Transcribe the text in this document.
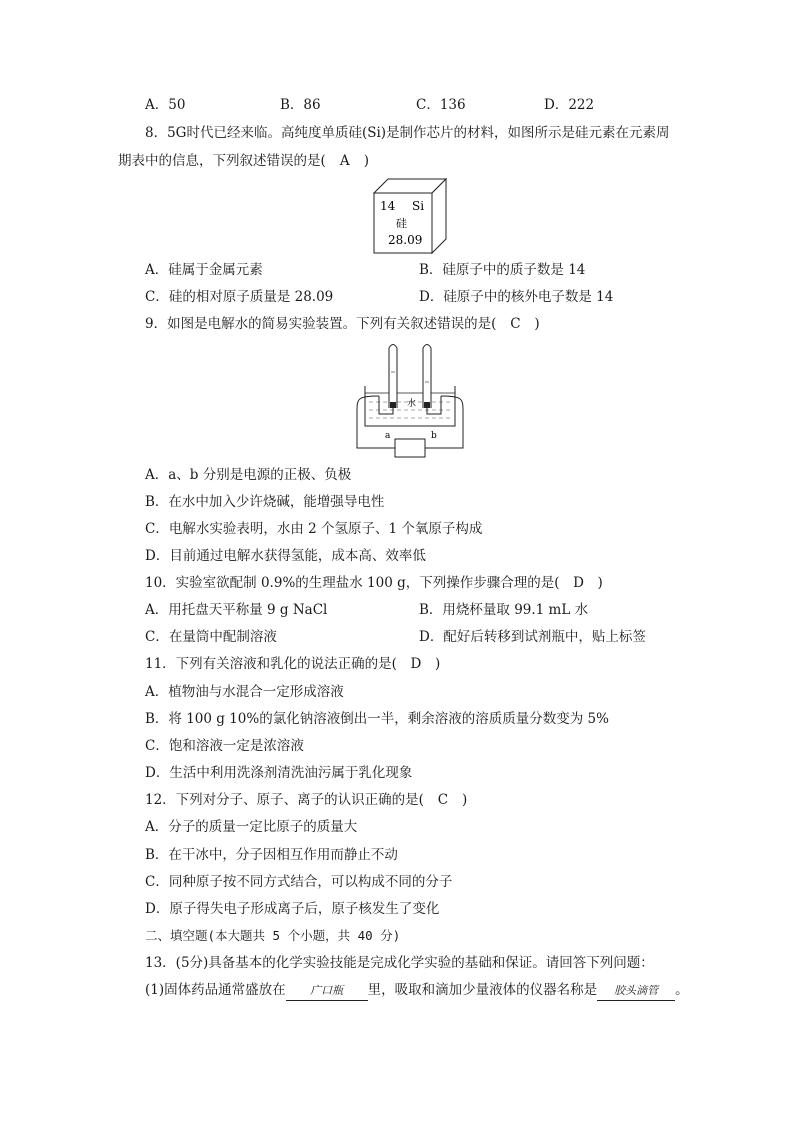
A．50	B．86	C．136	D．222
8．5G时代已经来临。高纯度单质硅(Si)是制作芯片的材料，如图所示是硅元素在元素周
期表中的信息，下列叙述错误的是( A )
14 Si
硅
28.09
A．硅属于金属元素	B．硅原子中的质子数是 14
C．硅的相对原子质量是 28.09	D．硅原子中的核外电子数是 14
9．如图是电解水的简易实验装置。下列有关叙述错误的是( C )
a	b
水
A．a、b 分别是电源的正极、负极
B．在水中加入少许烧碱，能增强导电性
C．电解水实验表明，水由 2 个氢原子、1 个氧原子构成
D．目前通过电解水获得氢能，成本高、效率低
10．实验室欲配制 0.9%的生理盐水 100 g，下列操作步骤合理的是( D )
A．用托盘天平称量 9 g NaCl	B．用烧杯量取 99.1 mL 水
C．在量筒中配制溶液	D．配好后转移到试剂瓶中，贴上标签
11．下列有关溶液和乳化的说法正确的是( D )
A．植物油与水混合一定形成溶液
B．将 100 g 10%的氯化钠溶液倒出一半，剩余溶液的溶质质量分数变为 5%
C．饱和溶液一定是浓溶液
D．生活中利用洗涤剂清洗油污属于乳化现象
12．下列对分子、原子、离子的认识正确的是( C )
A．分子的质量一定比原子的质量大
B．在干冰中，分子因相互作用而静止不动
C．同种原子按不同方式结合，可以构成不同的分子
D．原子得失电子形成离子后，原子核发生了变化
二、填空题(本大题共 5 个小题，共 40 分)
13．(5分)具备基本的化学实验技能是完成化学实验的基础和保证。请回答下列问题：
(1)固体药品通常盛放在 广口瓶 里，吸取和滴加少量液体的仪器名称是 胶头滴管 。
